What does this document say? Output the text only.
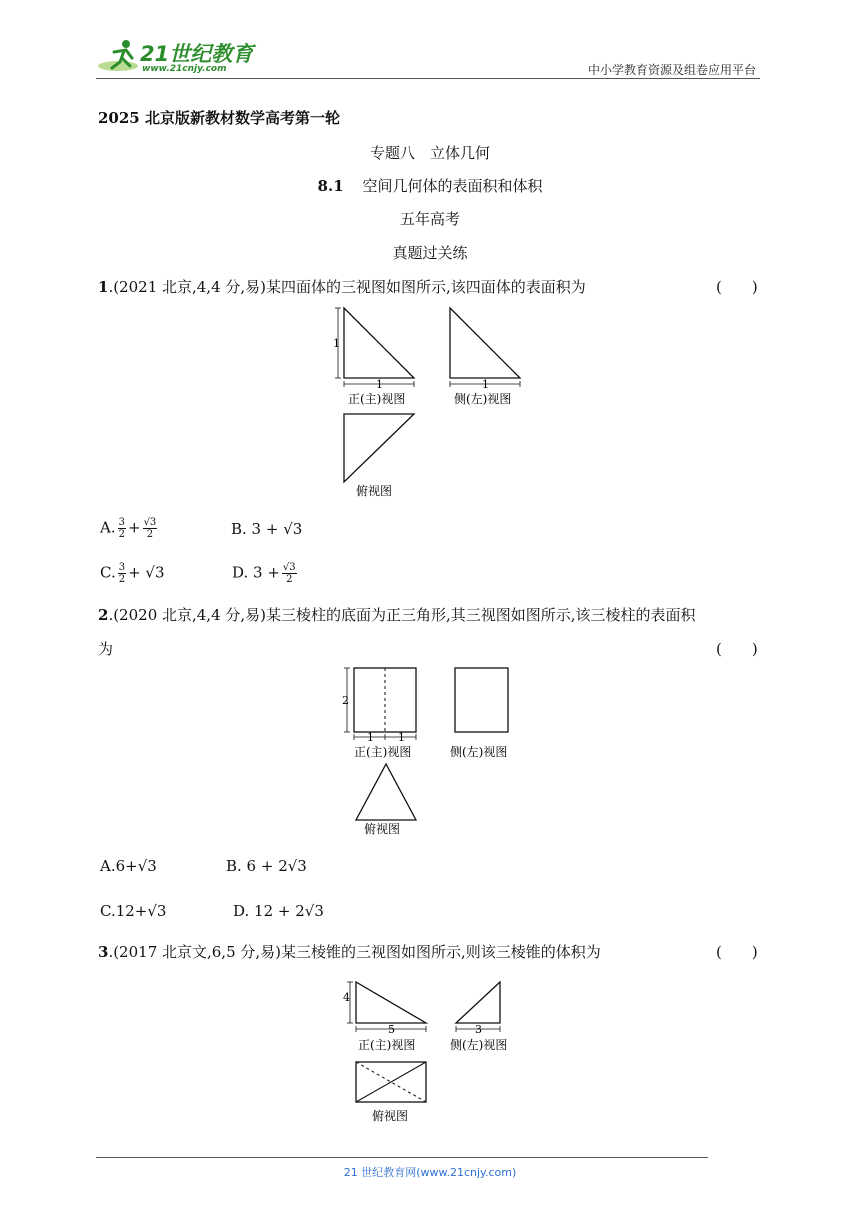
21世纪教育
www.21cnjy.com	中小学教育资源及组卷应用平台
2025 北京版新教材数学高考第一轮
专题八　立体几何
8.1 空间几何体的表面积和体积
五年高考
真题过关练
1.(2021 北京,4,4 分,易)某四面体的三视图如图所示,该四面体的表面积为	(　　)
1
1
正(主)视图
1
侧(左)视图
俯视图
A. $\frac{3}{2} + \frac{√3}{2}$	B. 3 + √3
C. $\frac{3}{2} + √3$	D. $3 + \frac{√3}{2}$
2.(2020 北京,4,4 分,易)某三棱柱的底面为正三角形,其三视图如图所示,该三棱柱的表面积
为	(　　)
2
1 1
正(主)视图	侧(左)视图
俯视图
A.6+√3	B. 6 + 2√3
C.12+√3	D. 12 + 2√3
3.(2017 北京文,6,5 分,易)某三棱锥的三视图如图所示,则该三棱锥的体积为	(　　)
4
5
正(主)视图
3
侧(左)视图
俯视图
21 世纪教育网(www.21cnjy.com)
